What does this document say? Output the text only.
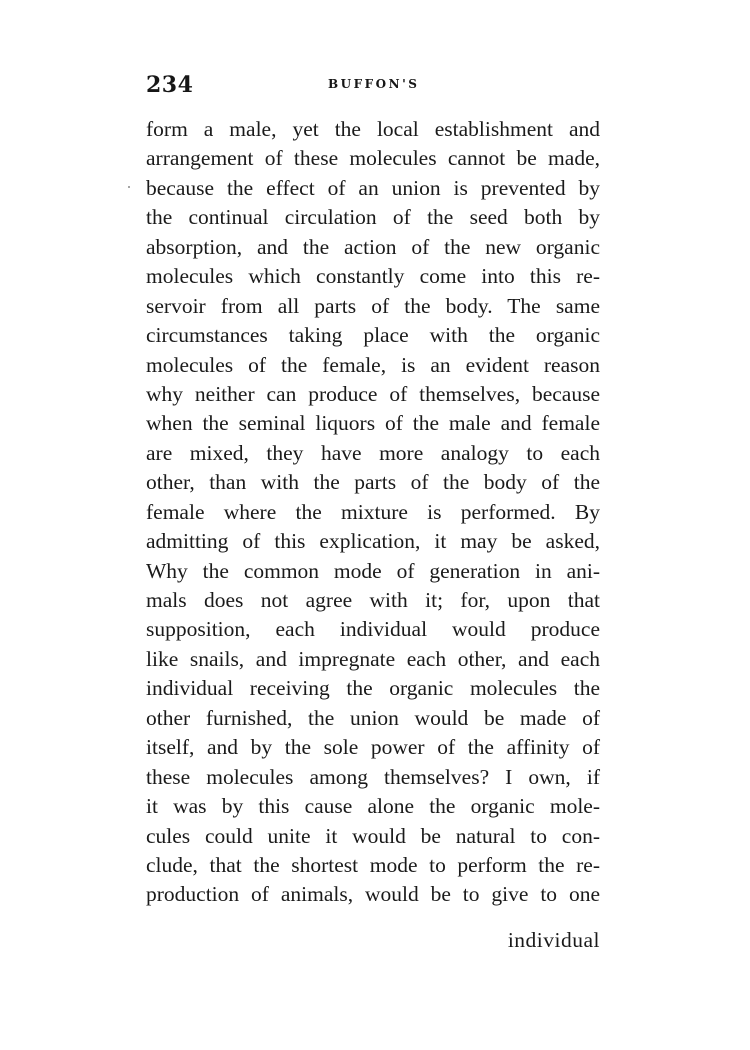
234	BUFFON'S
form a male, yet the local establishment and
arrangement of these molecules cannot be made,
because the effect of an union is prevented by
the continual circulation of the seed both by
absorption, and the action of the new organic
molecules which constantly come into this re-
servoir from all parts of the body. The same
circumstances taking place with the organic
molecules of the female, is an evident reason
why neither can produce of themselves, because
when the seminal liquors of the male and female
are mixed, they have more analogy to each
other, than with the parts of the body of the
female where the mixture is performed. By
admitting of this explication, it may be asked,
Why the common mode of generation in ani-
mals does not agree with it; for, upon that
supposition, each individual would produce
like snails, and impregnate each other, and each
individual receiving the organic molecules the
other furnished, the union would be made of
itself, and by the sole power of the affinity of
these molecules among themselves? I own, if
it was by this cause alone the organic mole-
cules could unite it would be natural to con-
clude, that the shortest mode to perform the re-
production of animals, would be to give to one
individual
